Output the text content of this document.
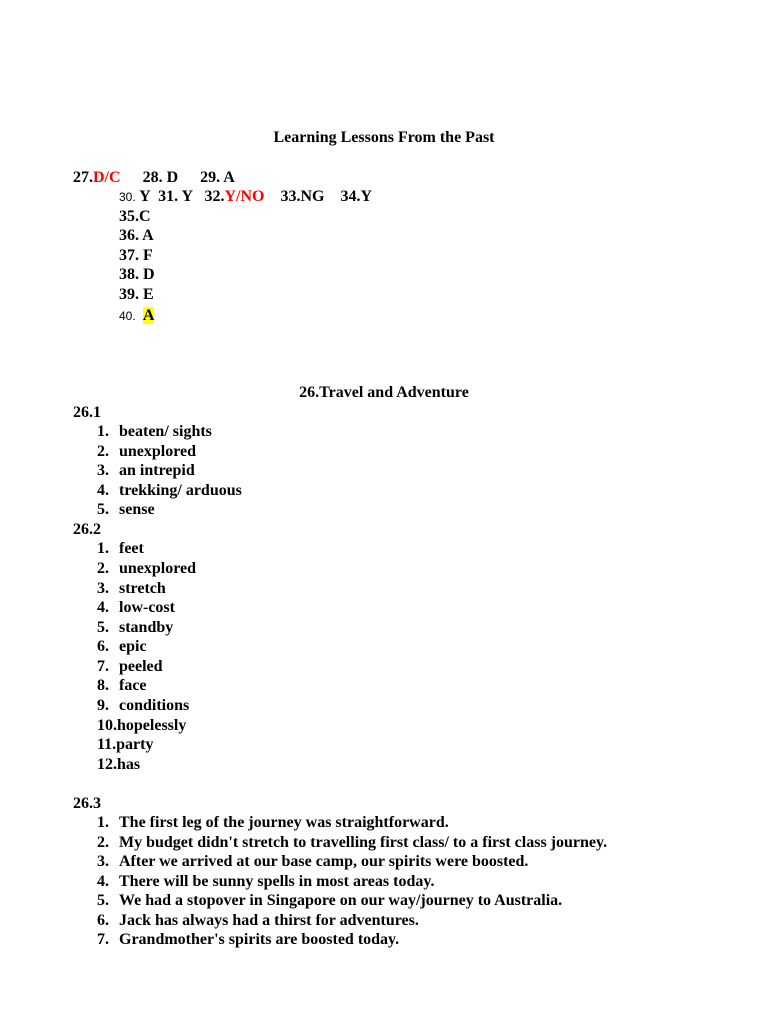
Learning Lessons From the Past
27.D/C 28. D 29. A
30. Y 31. Y 32.Y/NO 33.NG 34.Y
35.C
36. A
37. F
38. D
39. E
40. A
26.Travel and Adventure
26.1
1. beaten/ sights
2. unexplored
3. an intrepid
4. trekking/ arduous
5. sense
26.2
1. feet
2. unexplored
3. stretch
4. low-cost
5. standby
6. epic
7. peeled
8. face
9. conditions
10.hopelessly
11.party
12.has
26.3
1. The first leg of the journey was straightforward.
2. My budget didn't stretch to travelling first class/ to a first class journey.
3. After we arrived at our base camp, our spirits were boosted.
4. There will be sunny spells in most areas today.
5. We had a stopover in Singapore on our way/journey to Australia.
6. Jack has always had a thirst for adventures.
7. Grandmother's spirits are boosted today.
